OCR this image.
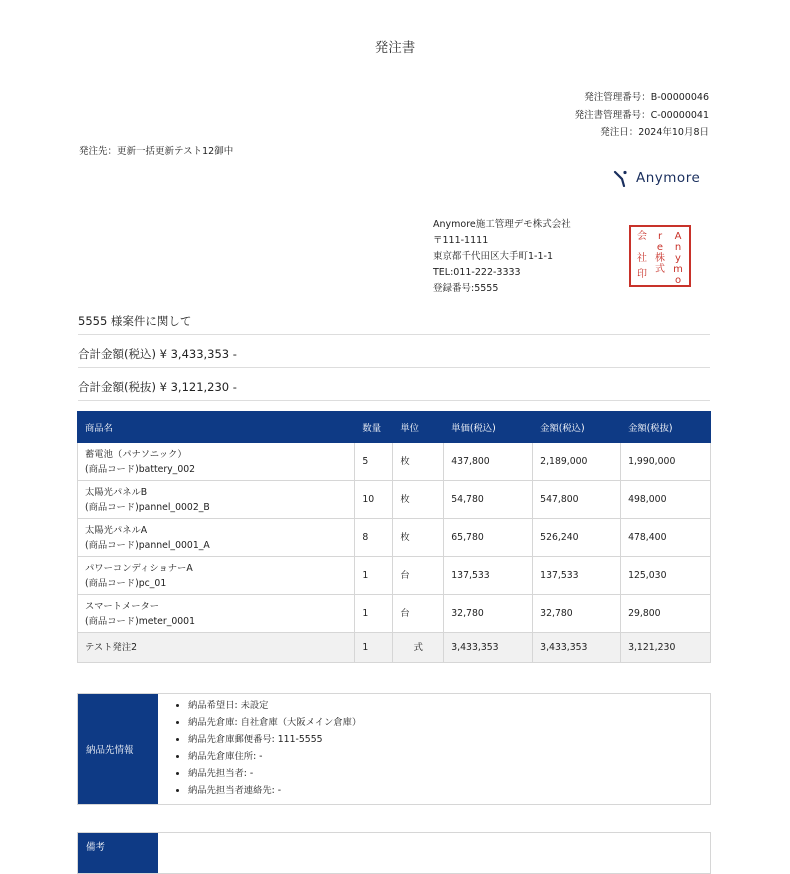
発注書
発注管理番号：B-00000046
発注書管理番号：C-00000041
発注日：2024年10月8日
発注先：更新一括更新テスト12御中
Anymore
Anymore施工管理デモ株式会社
〒111-1111
東京都千代田区大手町1-1-1
TEL:011-222-3333
登録番号:5555
A
n
y
m
o
r
e
株
式
会
社
印
5555 様案件に関して
合計金額(税込) ¥ 3,433,353 -
合計金額(税抜) ¥ 3,121,230 -
商品名	数量	単位	単価(税込)	金額(税込)	金額(税抜)

蓄電池（パナソニック）
(商品コード)battery_002	5	枚	437,800	2,189,000	1,990,000

太陽光パネルB
(商品コード)pannel_0002_B	10	枚	54,780	547,800	498,000

太陽光パネルA
(商品コード)pannel_0001_A	8	枚	65,780	526,240	478,400

パワーコンディショナーA
(商品コード)pc_01	1	台	137,533	137,533	125,030

スマートメーター
(商品コード)meter_0001	1	台	32,780	32,780	29,800
テスト発注2	1	式	3,433,353	3,433,353	3,121,230
納品先情報
• 納品希望日: 未設定
• 納品先倉庫: 自社倉庫（大阪メイン倉庫）
• 納品先倉庫郵便番号: 111-5555
• 納品先倉庫住所: -
• 納品先担当者: -
• 納品先担当者連絡先: -
備考
